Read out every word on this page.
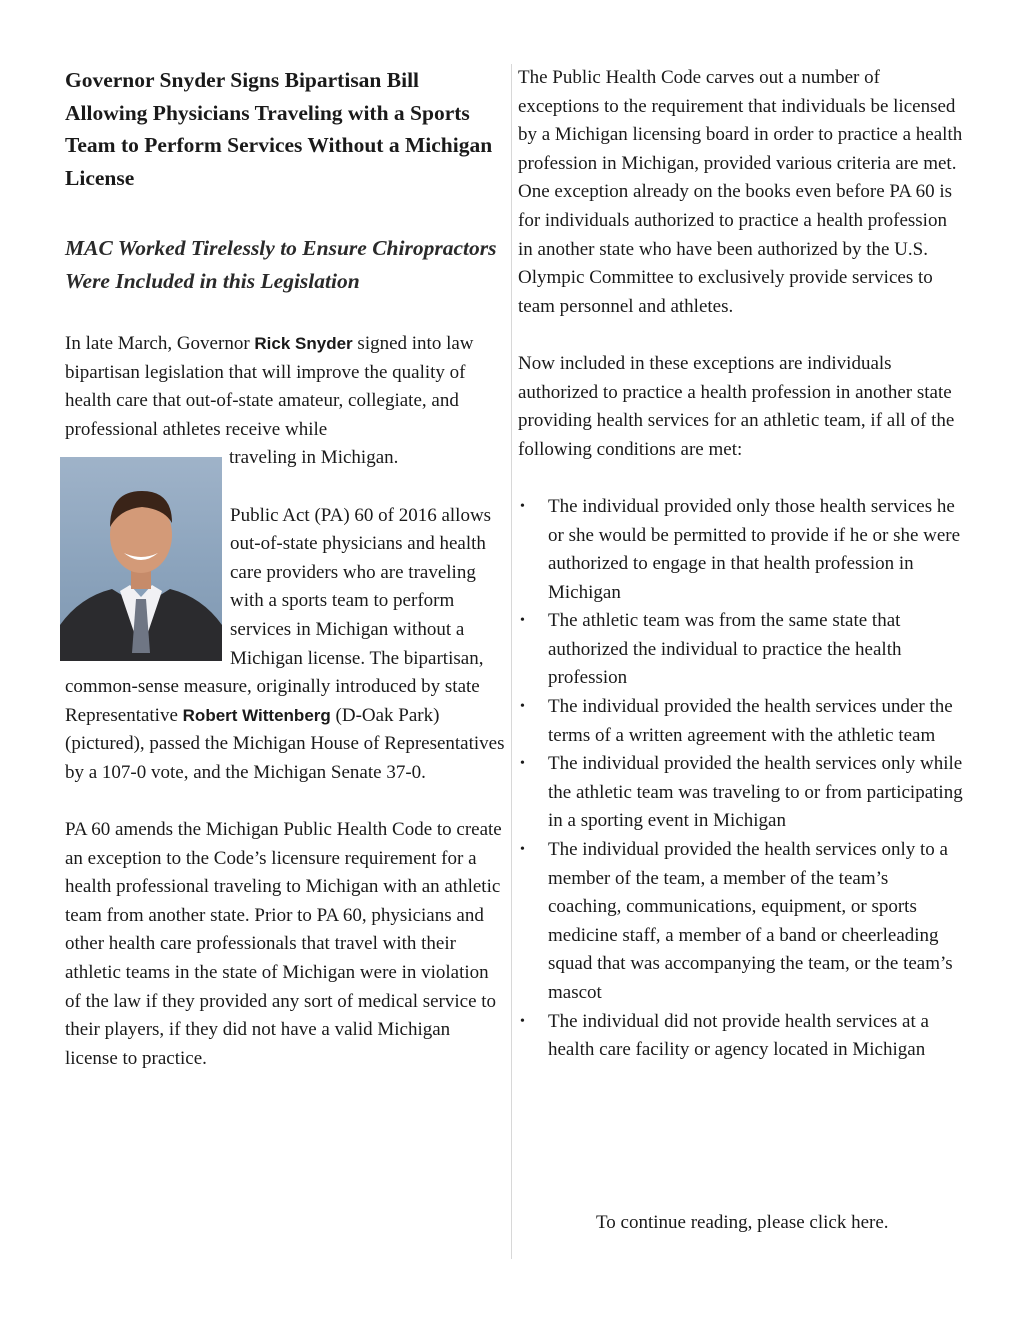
Governor Snyder Signs Bipartisan Bill Allowing Physicians Traveling with a Sports Team to Perform Services Without a Michigan License
MAC Worked Tirelessly to Ensure Chiropractors Were Included in this Legislation

In late March, Governor Rick Snyder signed into law bipartisan legislation that will improve the quality of health care that out-of-state amateur, collegiate, and professional athletes receive while
traveling in Michigan.

Public Act (PA) 60 of 2016 allows out-of-state physicians and health care providers who are traveling with a sports team to perform services in Michigan without a Michigan license. The bipartisan, common-sense measure, originally introduced by state Representative Robert Wittenberg (D-Oak Park) (pictured), passed the Michigan House of Representatives by a 107-0 vote, and the Michigan Senate 37-0.

PA 60 amends the Michigan Public Health Code to create an exception to the Code’s licensure requirement for a health professional traveling to Michigan with an athletic team from another state. Prior to PA 60, physicians and other health care professionals that travel with their athletic teams in the state of Michigan were in violation of the law if they provided any sort of medical service to their players, if they did not have a valid Michigan license to practice.

The Public Health Code carves out a number of exceptions to the requirement that individuals be licensed by a Michigan licensing board in order to practice a health profession in Michigan, provided various criteria are met. One exception already on the books even before PA 60 is for individuals authorized to practice a health profession in another state who have been authorized by the U.S. Olympic Committee to exclusively provide services to team personnel and athletes.

Now included in these exceptions are individuals authorized to practice a health profession in another state providing health services for an athletic team, if all of the following conditions are met:

• The individual provided only those health services he or she would be permitted to provide if he or she were authorized to engage in that health profession in Michigan
• The athletic team was from the same state that authorized the individual to practice the health profession
• The individual provided the health services under the terms of a written agreement with the athletic team
• The individual provided the health services only while the athletic team was traveling to or from participating in a sporting event in Michigan
• The individual provided the health services only to a member of the team, a member of the team’s coaching, communications, equipment, or sports medicine staff, a member of a band or cheerleading squad that was accompanying the team, or the team’s mascot
• The individual did not provide health services at a health care facility or agency located in Michigan
To continue reading, please click here.
